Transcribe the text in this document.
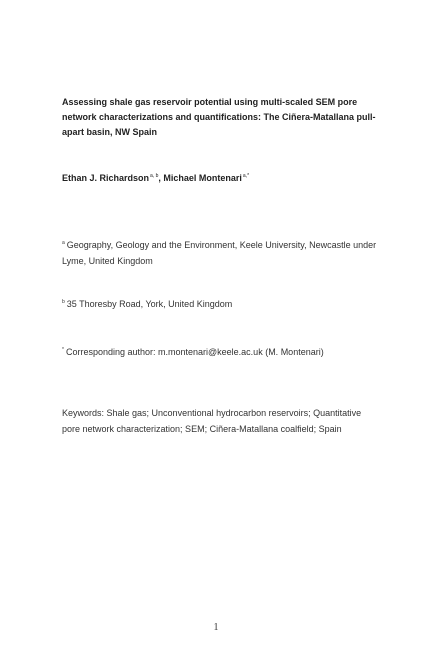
Assessing shale gas reservoir potential using multi-scaled SEM pore network characterizations and quantifications: The Ciñera-Matallana pull-apart basin, NW Spain
Ethan J. Richardson$^{a, b}$, Michael Montenari$^{a,*}$
$^a$ Geography, Geology and the Environment, Keele University, Newcastle under Lyme, United Kingdom
$^b$ 35 Thoresby Road, York, United Kingdom
* Corresponding author: m.montenari@keele.ac.uk (M. Montenari)
Keywords: Shale gas; Unconventional hydrocarbon reservoirs; Quantitative pore network characterization; SEM; Ciñera-Matallana coalfield; Spain
1
